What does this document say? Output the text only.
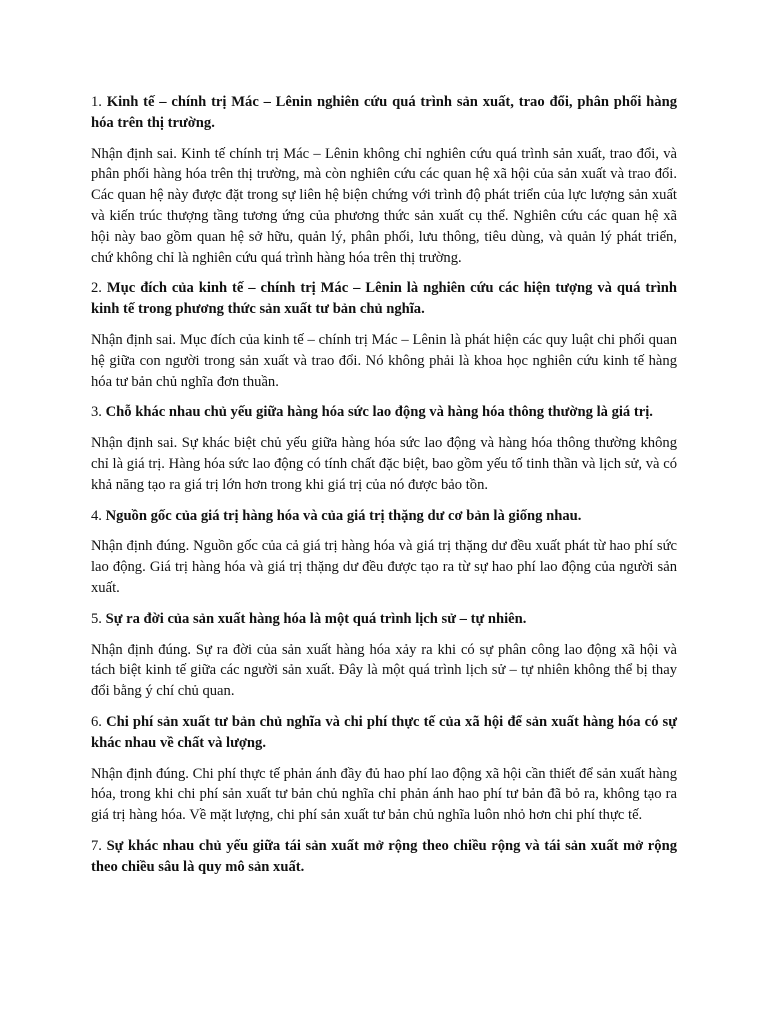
1. Kinh tế – chính trị Mác – Lênin nghiên cứu quá trình sản xuất, trao đổi, phân phối hàng hóa trên thị trường.

Nhận định sai. Kinh tế chính trị Mác – Lênin không chỉ nghiên cứu quá trình sản xuất, trao đổi, và phân phối hàng hóa trên thị trường, mà còn nghiên cứu các quan hệ xã hội của sản xuất và trao đổi. Các quan hệ này được đặt trong sự liên hệ biện chứng với trình độ phát triển của lực lượng sản xuất và kiến trúc thượng tầng tương ứng của phương thức sản xuất cụ thể. Nghiên cứu các quan hệ xã hội này bao gồm quan hệ sở hữu, quản lý, phân phối, lưu thông, tiêu dùng, và quản lý phát triển, chứ không chỉ là nghiên cứu quá trình hàng hóa trên thị trường.

2. Mục đích của kinh tế – chính trị Mác – Lênin là nghiên cứu các hiện tượng và quá trình kinh tế trong phương thức sản xuất tư bản chủ nghĩa.

Nhận định sai. Mục đích của kinh tế – chính trị Mác – Lênin là phát hiện các quy luật chi phối quan hệ giữa con người trong sản xuất và trao đổi. Nó không phải là khoa học nghiên cứu kinh tế hàng hóa tư bản chủ nghĩa đơn thuần.

3. Chỗ khác nhau chủ yếu giữa hàng hóa sức lao động và hàng hóa thông thường là giá trị.

Nhận định sai. Sự khác biệt chủ yếu giữa hàng hóa sức lao động và hàng hóa thông thường không chỉ là giá trị. Hàng hóa sức lao động có tính chất đặc biệt, bao gồm yếu tố tinh thần và lịch sử, và có khả năng tạo ra giá trị lớn hơn trong khi giá trị của nó được bảo tồn.

4. Nguồn gốc của giá trị hàng hóa và của giá trị thặng dư cơ bản là giống nhau.

Nhận định đúng. Nguồn gốc của cả giá trị hàng hóa và giá trị thặng dư đều xuất phát từ hao phí sức lao động. Giá trị hàng hóa và giá trị thặng dư đều được tạo ra từ sự hao phí lao động của người sản xuất.

5. Sự ra đời của sản xuất hàng hóa là một quá trình lịch sử – tự nhiên.

Nhận định đúng. Sự ra đời của sản xuất hàng hóa xảy ra khi có sự phân công lao động xã hội và tách biệt kinh tế giữa các người sản xuất. Đây là một quá trình lịch sử – tự nhiên không thể bị thay đổi bằng ý chí chủ quan.

6. Chi phí sản xuất tư bản chủ nghĩa và chi phí thực tế của xã hội để sản xuất hàng hóa có sự khác nhau về chất và lượng.

Nhận định đúng. Chi phí thực tế phản ánh đầy đủ hao phí lao động xã hội cần thiết để sản xuất hàng hóa, trong khi chi phí sản xuất tư bản chủ nghĩa chỉ phản ánh hao phí tư bản đã bỏ ra, không tạo ra giá trị hàng hóa. Về mặt lượng, chi phí sản xuất tư bản chủ nghĩa luôn nhỏ hơn chi phí thực tế.

7. Sự khác nhau chủ yếu giữa tái sản xuất mở rộng theo chiều rộng và tái sản xuất mở rộng theo chiều sâu là quy mô sản xuất.
